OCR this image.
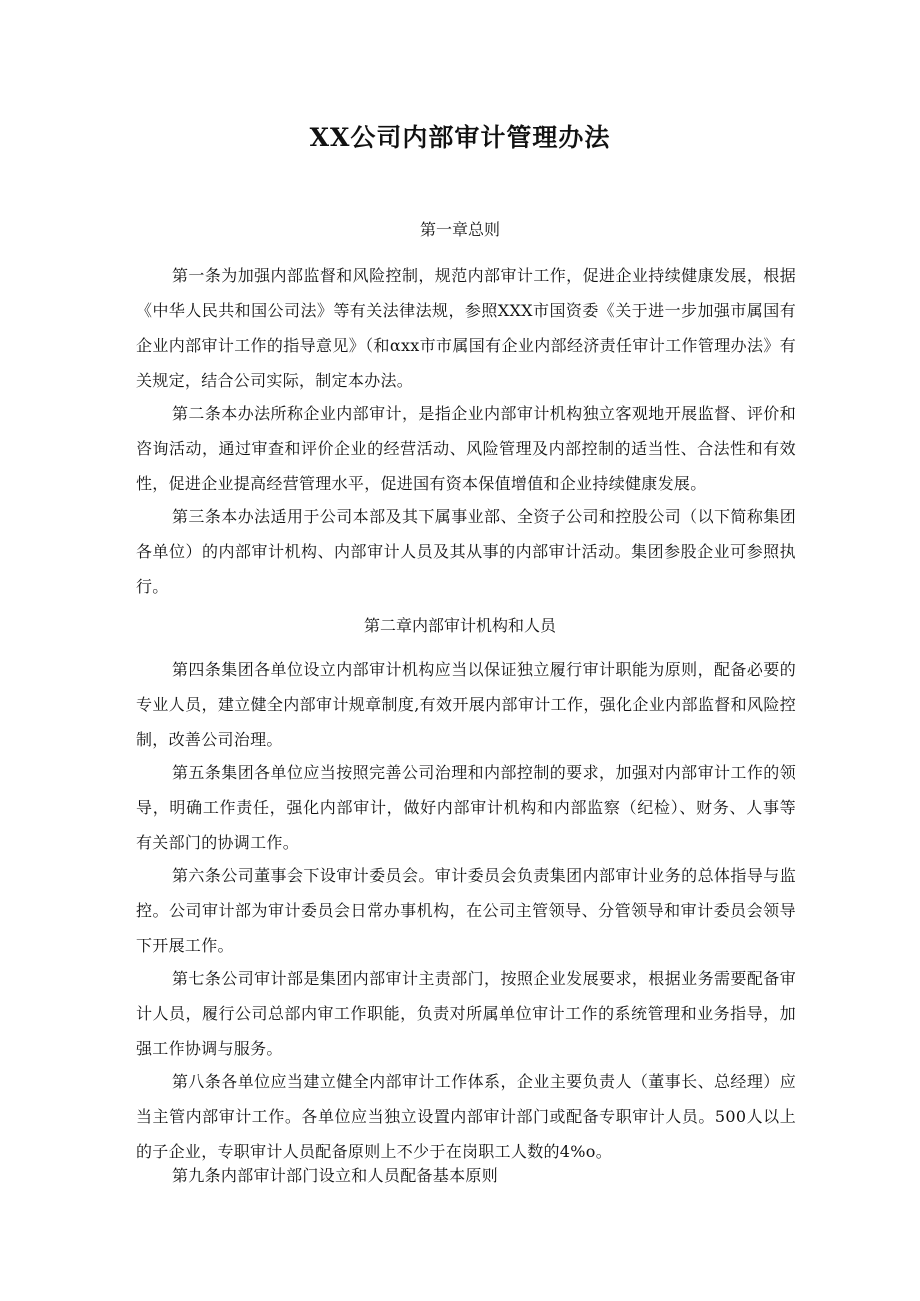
XX公司内部审计管理办法
第一章总则
第一条为加强内部监督和风险控制，规范内部审计工作，促进企业持续健康发展，根据《中华人民共和国公司法》等有关法律法规，参照XXX市国资委《关于进一步加强市属国有企业内部审计工作的指导意见》（和αxx市市属国有企业内部经济责任审计工作管理办法》有关规定，结合公司实际，制定本办法。
第二条本办法所称企业内部审计，是指企业内部审计机构独立客观地开展监督、评价和咨询活动，通过审查和评价企业的经营活动、风险管理及内部控制的适当性、合法性和有效性，促进企业提高经营管理水平，促进国有资本保值增值和企业持续健康发展。
第三条本办法适用于公司本部及其下属事业部、全资子公司和控股公司（以下简称集团各单位）的内部审计机构、内部审计人员及其从事的内部审计活动。集团参股企业可参照执行。
第二章内部审计机构和人员
第四条集团各单位设立内部审计机构应当以保证独立履行审计职能为原则，配备必要的专业人员，建立健全内部审计规章制度,有效开展内部审计工作，强化企业内部监督和风险控制，改善公司治理。
第五条集团各单位应当按照完善公司治理和内部控制的要求，加强对内部审计工作的领导，明确工作责任，强化内部审计，做好内部审计机构和内部监察（纪检）、财务、人事等有关部门的协调工作。
第六条公司董事会下设审计委员会。审计委员会负责集团内部审计业务的总体指导与监控。公司审计部为审计委员会日常办事机构，在公司主管领导、分管领导和审计委员会领导下开展工作。
第七条公司审计部是集团内部审计主责部门，按照企业发展要求，根据业务需要配备审计人员，履行公司总部内审工作职能，负责对所属单位审计工作的系统管理和业务指导，加强工作协调与服务。
第八条各单位应当建立健全内部审计工作体系，企业主要负责人（董事长、总经理）应当主管内部审计工作。各单位应当独立设置内部审计部门或配备专职审计人员。500人以上的子企业，专职审计人员配备原则上不少于在岗职工人数的4%o。
第九条内部审计部门设立和人员配备基本原则
